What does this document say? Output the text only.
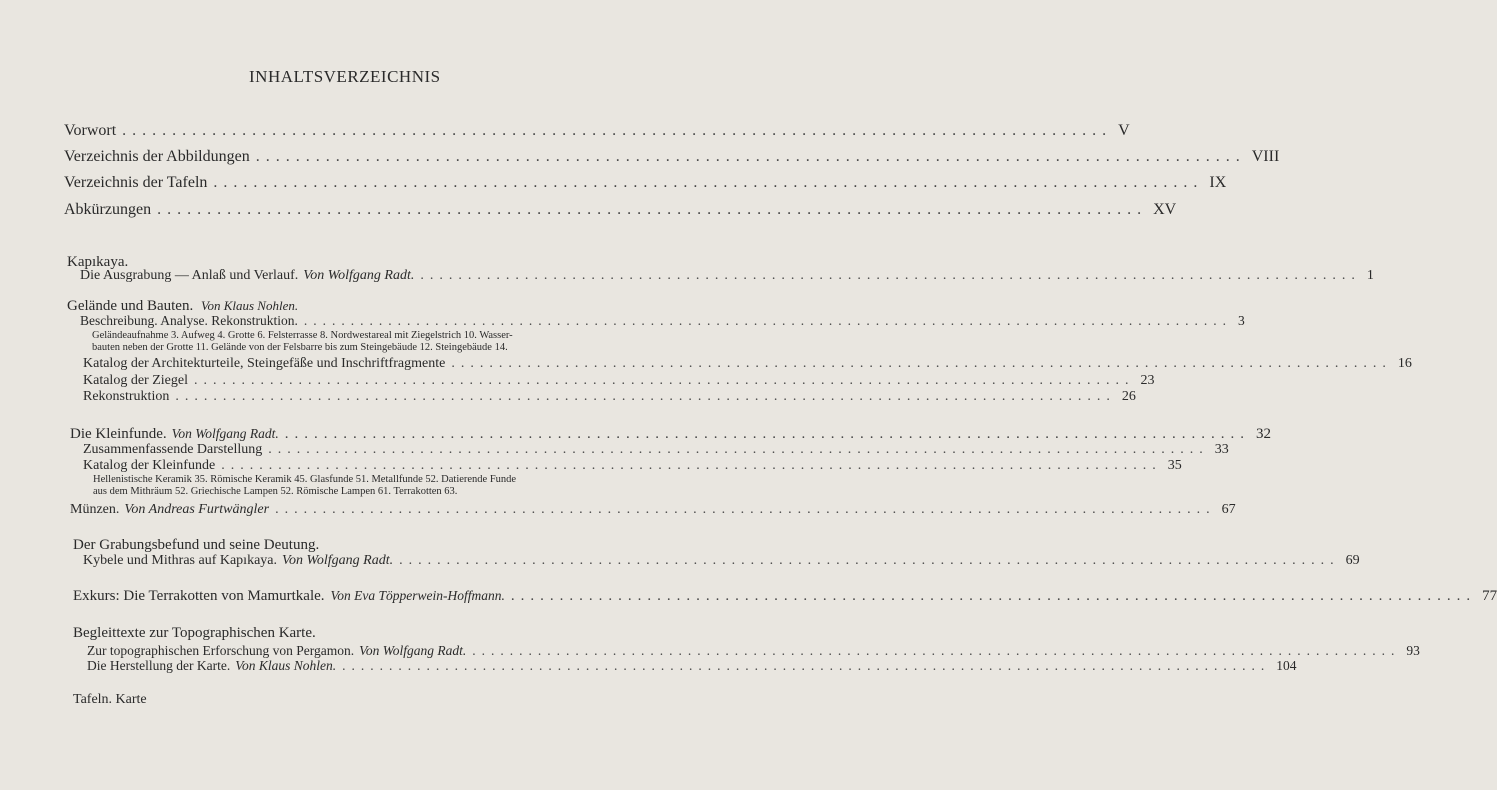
INHALTSVERZEICHNIS
Vorwort ................................................................................................... V
Verzeichnis der Abbildungen ................................................................................................... VIII
Verzeichnis der Tafeln ................................................................................................... IX
Abkürzungen ................................................................................................... XV
Kapıkaya.
Die Ausgrabung — Anlaß und Verlauf. Von Wolfgang Radt. ................................................................................................... 1
Gelände und Bauten. Von Klaus Nohlen.
Beschreibung. Analyse. Rekonstruktion. ................................................................................................... 3
Geländeaufnahme 3. Aufweg 4. Grotte 6. Felsterrasse 8. Nordwestareal mit Ziegelstrich 10. Wasser-
bauten neben der Grotte 11. Gelände von der Felsbarre bis zum Steingebäude 12. Steingebäude 14.
Katalog der Architekturteile, Steingefäße und Inschriftfragmente ................................................................................................... 16
Katalog der Ziegel ................................................................................................... 23
Rekonstruktion ................................................................................................... 26
Die Kleinfunde. Von Wolfgang Radt. ................................................................................................... 32
Zusammenfassende Darstellung ................................................................................................... 33
Katalog der Kleinfunde ................................................................................................... 35
Hellenistische Keramik 35. Römische Keramik 45. Glasfunde 51. Metallfunde 52. Datierende Funde
aus dem Mithräum 52. Griechische Lampen 52. Römische Lampen 61. Terrakotten 63.
Münzen. Von Andreas Furtwängler ................................................................................................... 67
Der Grabungsbefund und seine Deutung.
Kybele und Mithras auf Kapıkaya. Von Wolfgang Radt. ................................................................................................... 69
Exkurs: Die Terrakotten von Mamurtkale. Von Eva Töpperwein-Hoffmann. ................................................................................................... 77
Begleittexte zur Topographischen Karte.
Zur topographischen Erforschung von Pergamon. Von Wolfgang Radt. ................................................................................................... 93
Die Herstellung der Karte. Von Klaus Nohlen. ................................................................................................... 104
Tafeln. Karte
